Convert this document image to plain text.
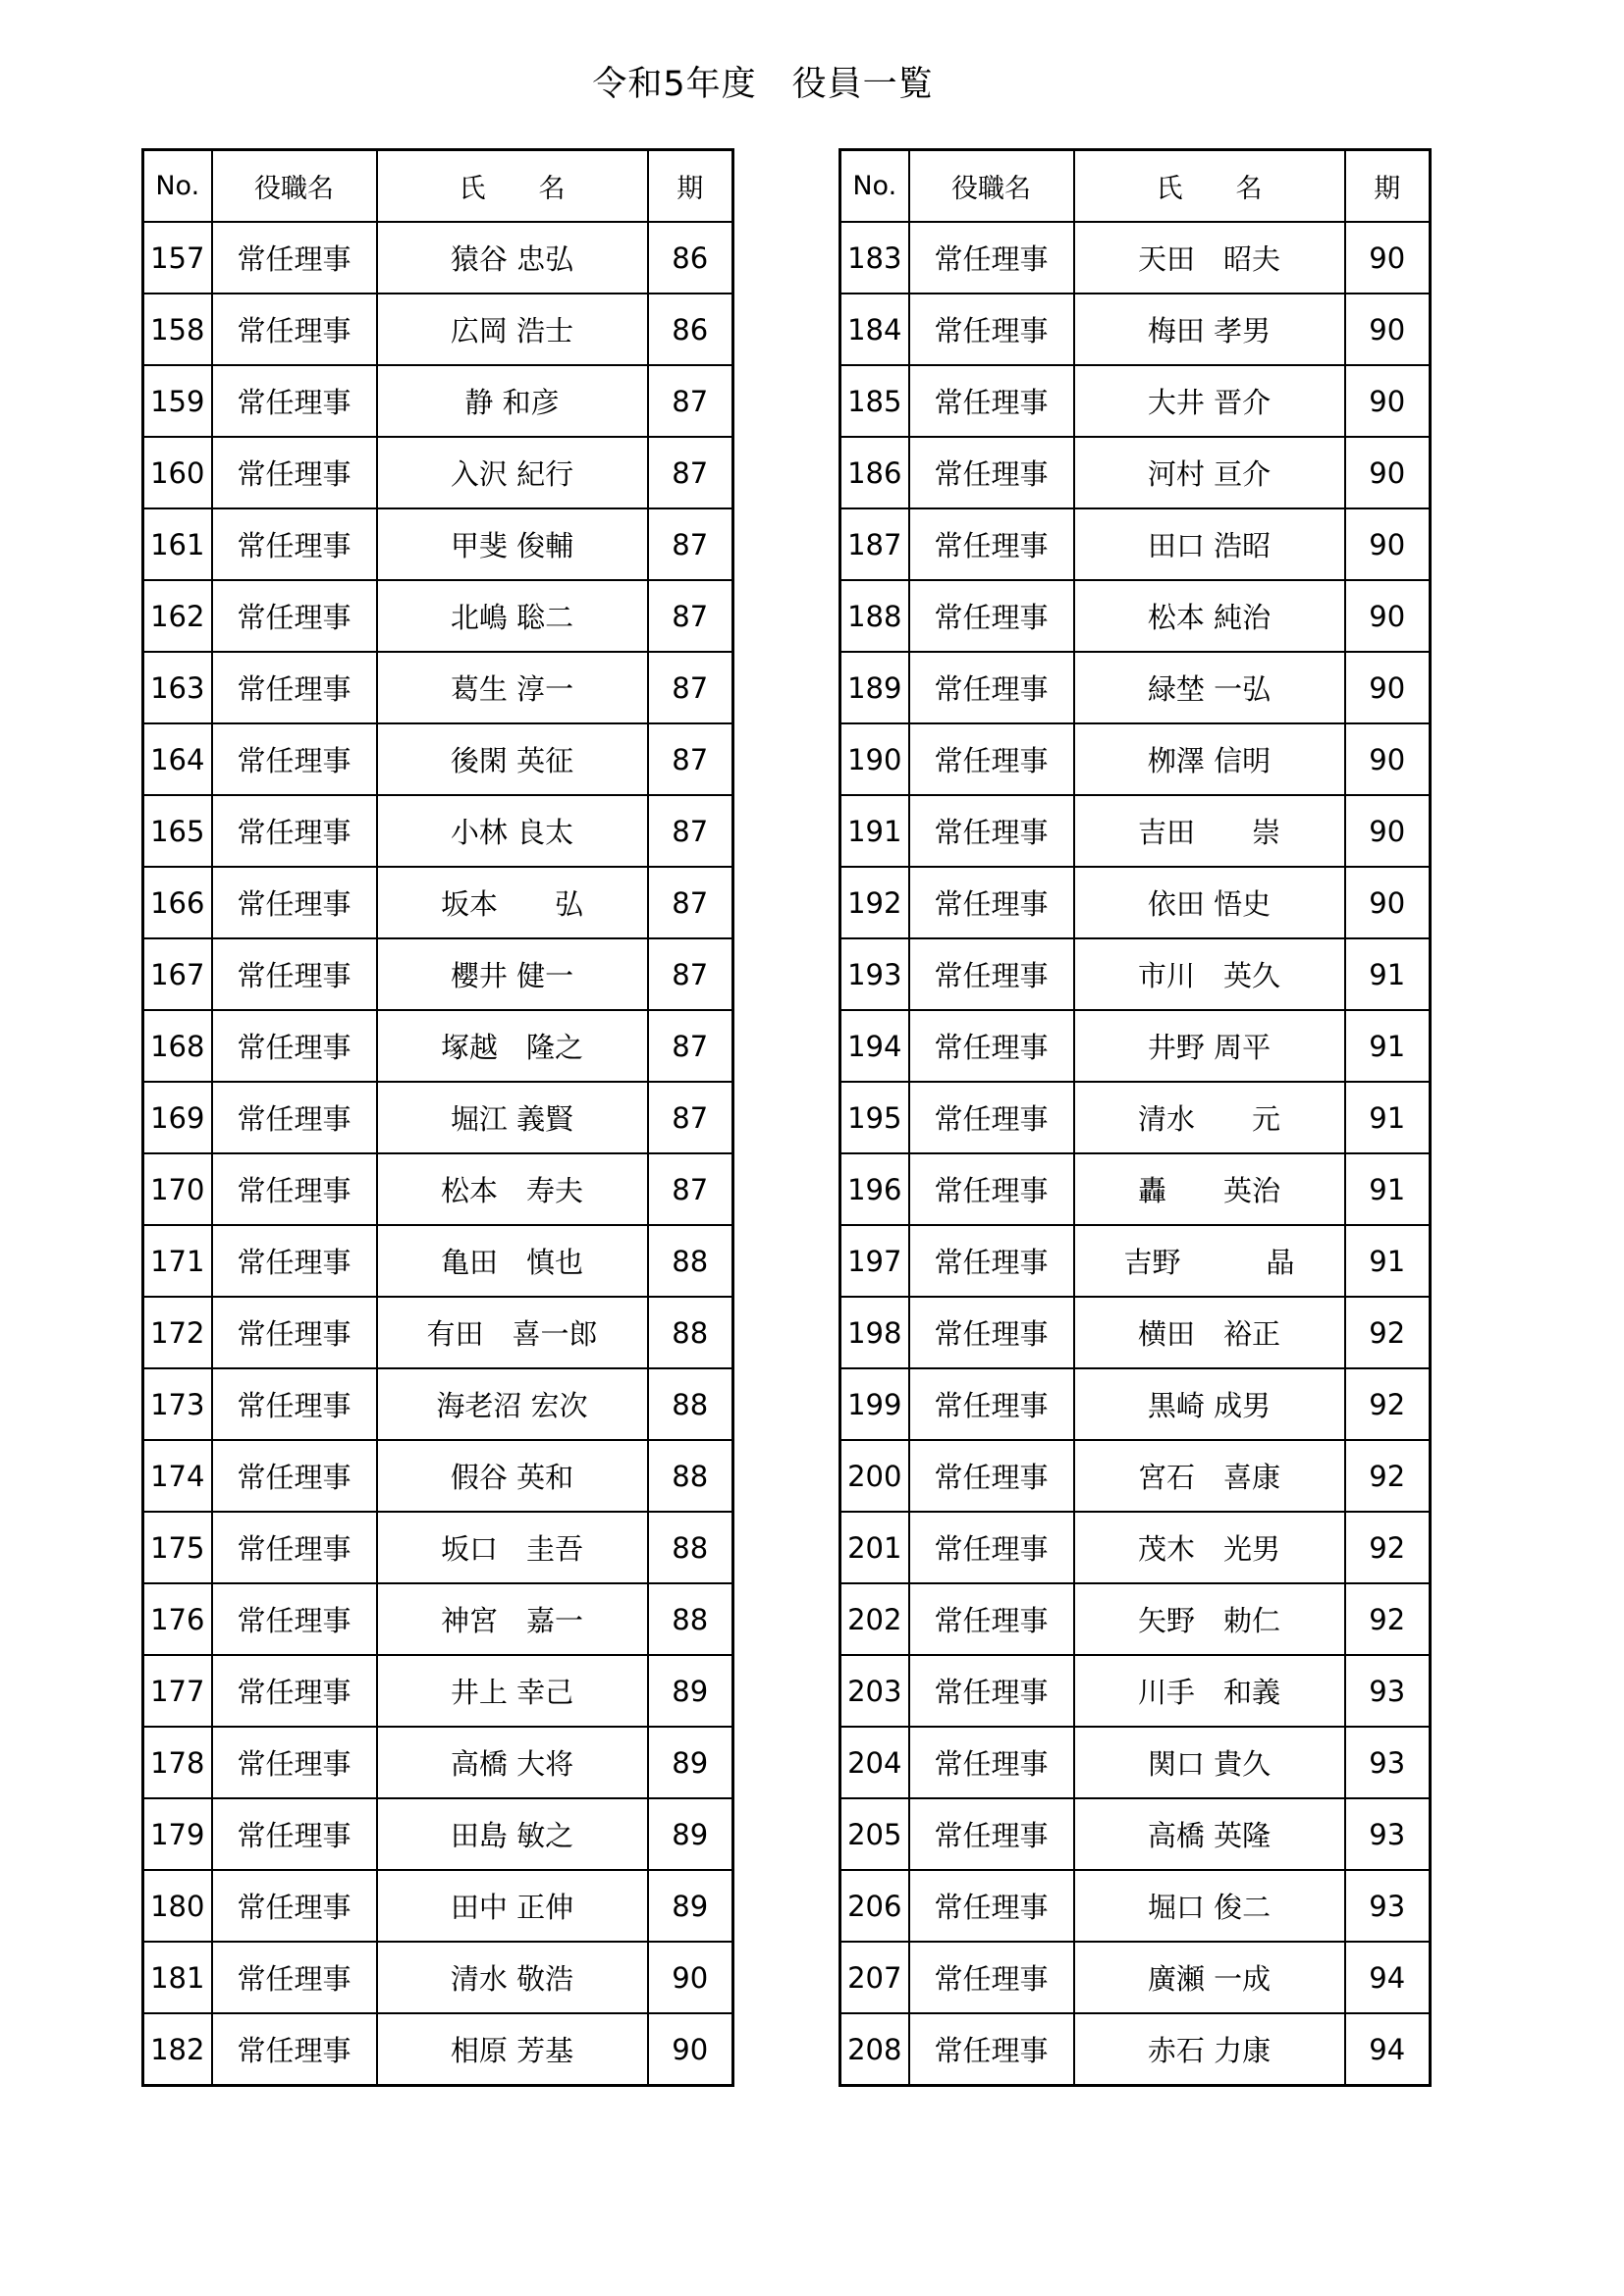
令和5年度　役員一覧
No.	役職名	氏　　名	期
157	常任理事	猿谷 忠弘	86
158	常任理事	広岡 浩士	86
159	常任理事	静 和彦	87
160	常任理事	入沢 紀行	87
161	常任理事	甲斐 俊輔	87
162	常任理事	北嶋 聡二	87
163	常任理事	葛生 淳一	87
164	常任理事	後閑 英征	87
165	常任理事	小林 良太	87
166	常任理事	坂本　　弘	87
167	常任理事	櫻井 健一	87
168	常任理事	塚越　隆之	87
169	常任理事	堀江 義賢	87
170	常任理事	松本　寿夫	87
171	常任理事	亀田　慎也	88
172	常任理事	有田　喜一郎	88
173	常任理事	海老沼 宏次	88
174	常任理事	假谷 英和	88
175	常任理事	坂口　圭吾	88
176	常任理事	神宮　嘉一	88
177	常任理事	井上 幸己	89
178	常任理事	高橋 大将	89
179	常任理事	田島 敏之	89
180	常任理事	田中 正伸	89
181	常任理事	清水 敬浩	90
182	常任理事	相原 芳基	90
No.	役職名	氏　　名	期
183	常任理事	天田　昭夫	90
184	常任理事	梅田 孝男	90
185	常任理事	大井 晋介	90
186	常任理事	河村 亘介	90
187	常任理事	田口 浩昭	90
188	常任理事	松本 純治	90
189	常任理事	緑埜 一弘	90
190	常任理事	栁澤 信明	90
191	常任理事	吉田　　崇	90
192	常任理事	依田 悟史	90
193	常任理事	市川　英久	91
194	常任理事	井野 周平	91
195	常任理事	清水　　元	91
196	常任理事	轟　　英治	91
197	常任理事	吉野　　　晶	91
198	常任理事	横田　裕正	92
199	常任理事	黒崎 成男	92
200	常任理事	宮石　喜康	92
201	常任理事	茂木　光男	92
202	常任理事	矢野　勅仁	92
203	常任理事	川手　和義	93
204	常任理事	関口 貴久	93
205	常任理事	高橋 英隆	93
206	常任理事	堀口 俊二	93
207	常任理事	廣瀬 一成	94
208	常任理事	赤石 力康	94
